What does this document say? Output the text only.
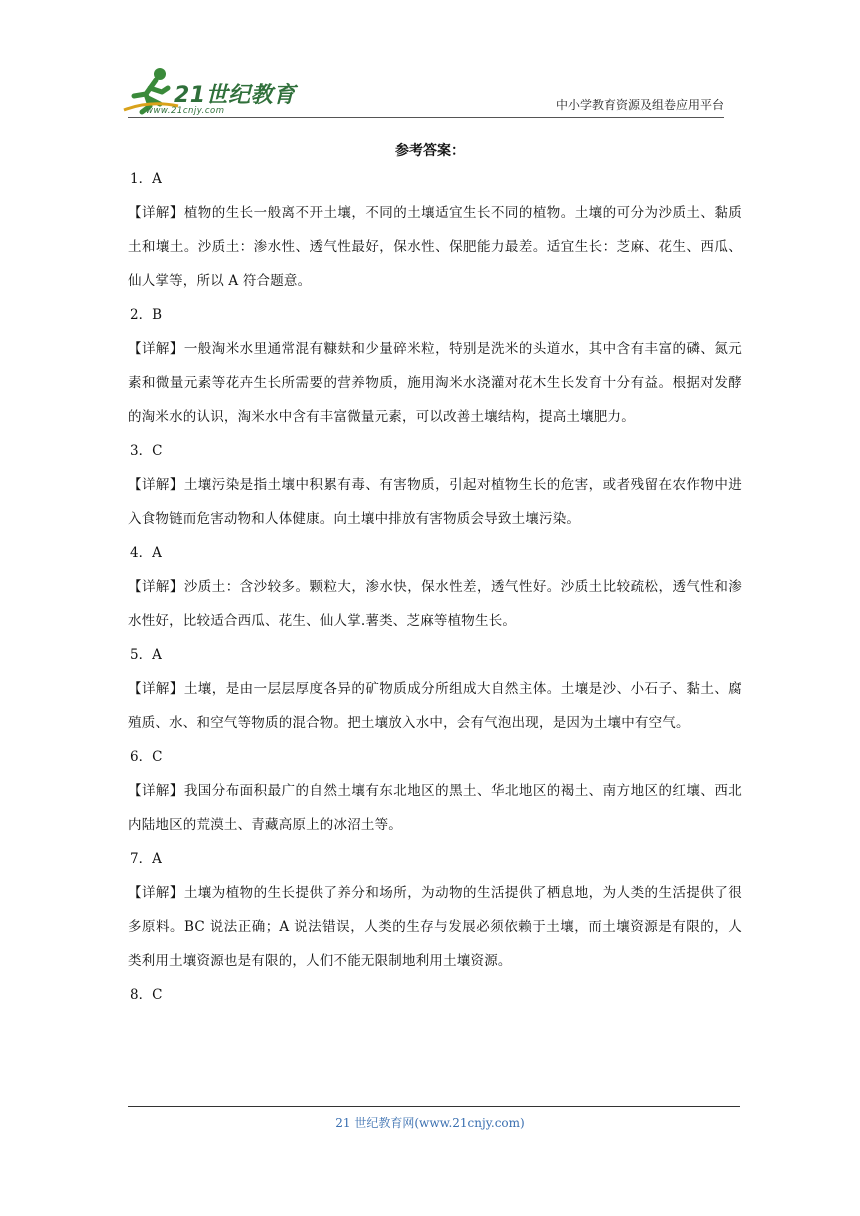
21世纪教育
www.21cnjy.com	中小学教育资源及组卷应用平台
参考答案：
1．A
【详解】植物的生长一般离不开土壤，不同的土壤适宜生长不同的植物。土壤的可分为沙质土、黏质土和壤土。沙质土：渗水性、透气性最好，保水性、保肥能力最差。适宜生长：芝麻、花生、西瓜、仙人掌等，所以 A 符合题意。
2．B
【详解】一般淘米水里通常混有糠麸和少量碎米粒，特别是洗米的头道水，其中含有丰富的磷、氮元素和微量元素等花卉生长所需要的营养物质，施用淘米水浇灌对花木生长发育十分有益。根据对发酵的淘米水的认识，淘米水中含有丰富微量元素，可以改善土壤结构，提高土壤肥力。
3．C
【详解】土壤污染是指土壤中积累有毒、有害物质，引起对植物生长的危害，或者残留在农作物中进入食物链而危害动物和人体健康。向土壤中排放有害物质会导致土壤污染。
4．A
【详解】沙质土：含沙较多。颗粒大，渗水快，保水性差，透气性好。沙质土比较疏松，透气性和渗水性好，比较适合西瓜、花生、仙人掌.薯类、芝麻等植物生长。
5．A
【详解】土壤，是由一层层厚度各异的矿物质成分所组成大自然主体。土壤是沙、小石子、黏土、腐殖质、水、和空气等物质的混合物。把土壤放入水中，会有气泡出现，是因为土壤中有空气。
6．C
【详解】我国分布面积最广的自然土壤有东北地区的黑土、华北地区的褐土、南方地区的红壤、西北内陆地区的荒漠土、青藏高原上的冰沼土等。
7．A
【详解】土壤为植物的生长提供了养分和场所，为动物的生活提供了栖息地，为人类的生活提供了很多原料。BC 说法正确；A 说法错误，人类的生存与发展必须依赖于土壤，而土壤资源是有限的，人类利用土壤资源也是有限的，人们不能无限制地利用土壤资源。
8．C
21 世纪教育网(www.21cnjy.com)
